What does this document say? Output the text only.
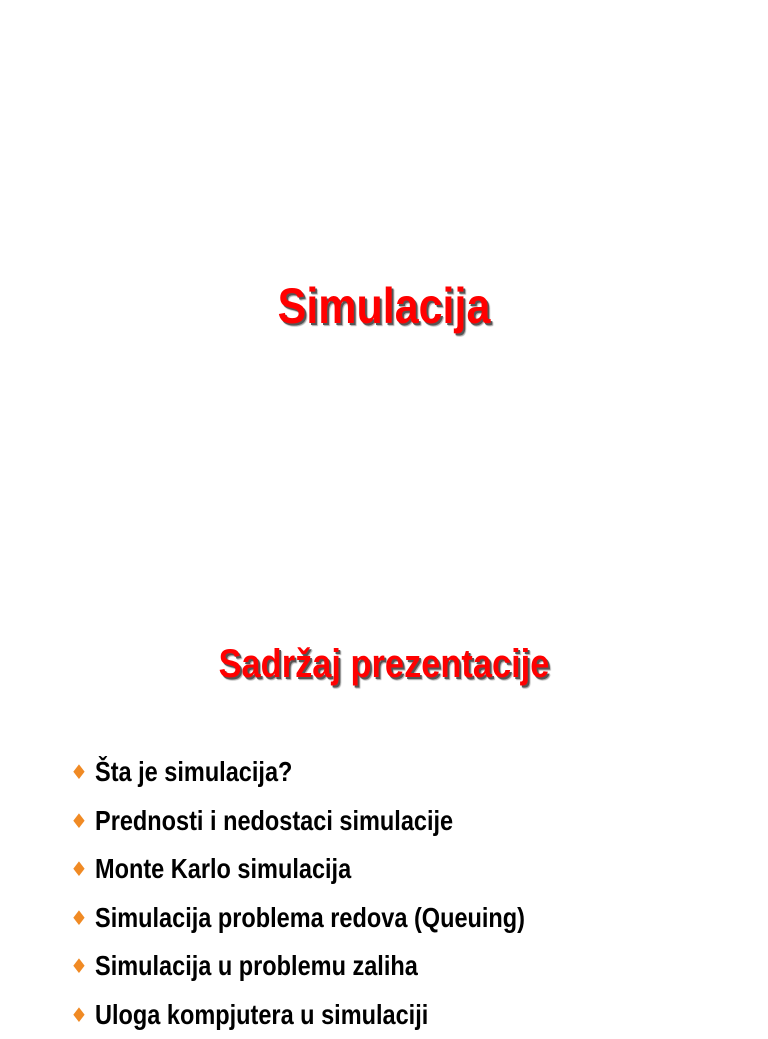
Simulacija
Sadržaj prezentacije
♦ Šta je simulacija?
♦ Prednosti i nedostaci simulacije
♦ Monte Karlo simulacija
♦ Simulacija problema redova (Queuing)
♦ Simulacija u problemu zaliha
♦ Uloga kompjutera u simulaciji
